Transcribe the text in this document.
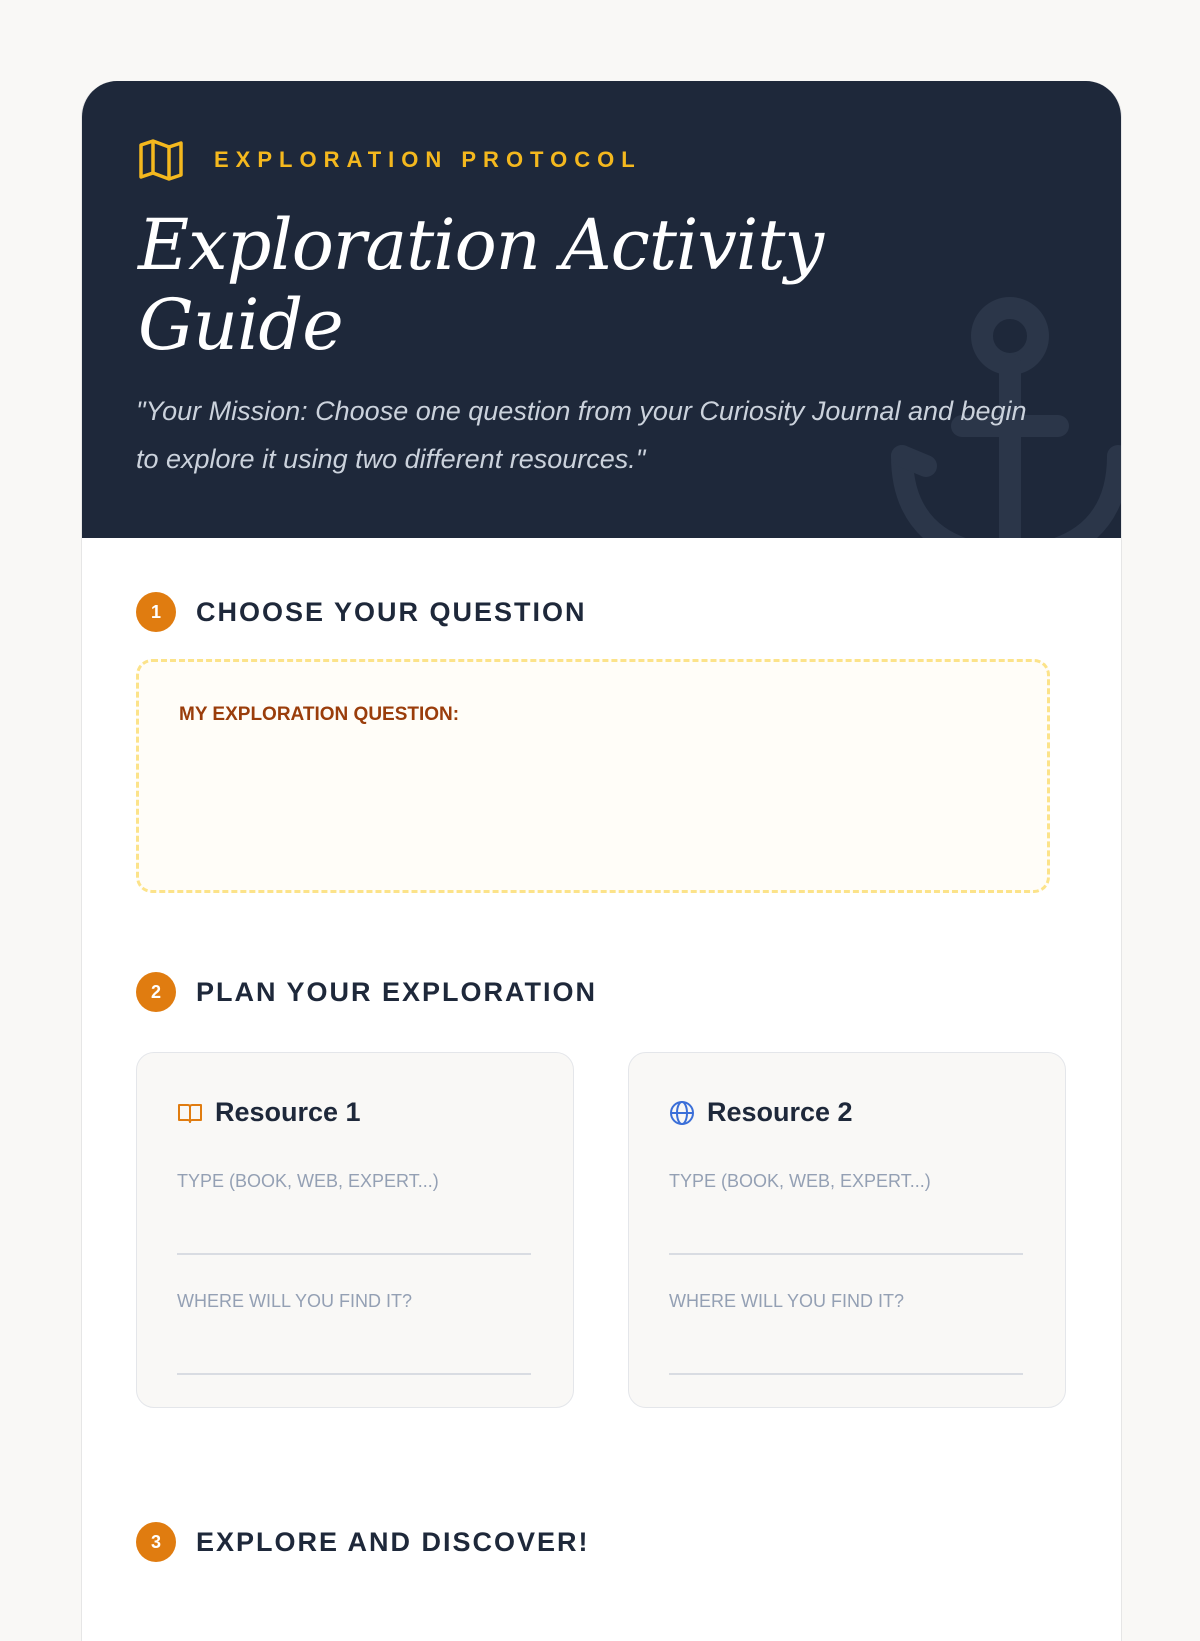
EXPLORATION PROTOCOL
Exploration Activity Guide

"Your Mission: Choose one question from your Curiosity Journal and begin to explore it using two different resources."

1	CHOOSE YOUR QUESTION
MY EXPLORATION QUESTION:
2	PLAN YOUR EXPLORATION
Resource 1
TYPE (BOOK, WEB, EXPERT...)
WHERE WILL YOU FIND IT?
Resource 2
TYPE (BOOK, WEB, EXPERT...)
WHERE WILL YOU FIND IT?
3	EXPLORE AND DISCOVER!
